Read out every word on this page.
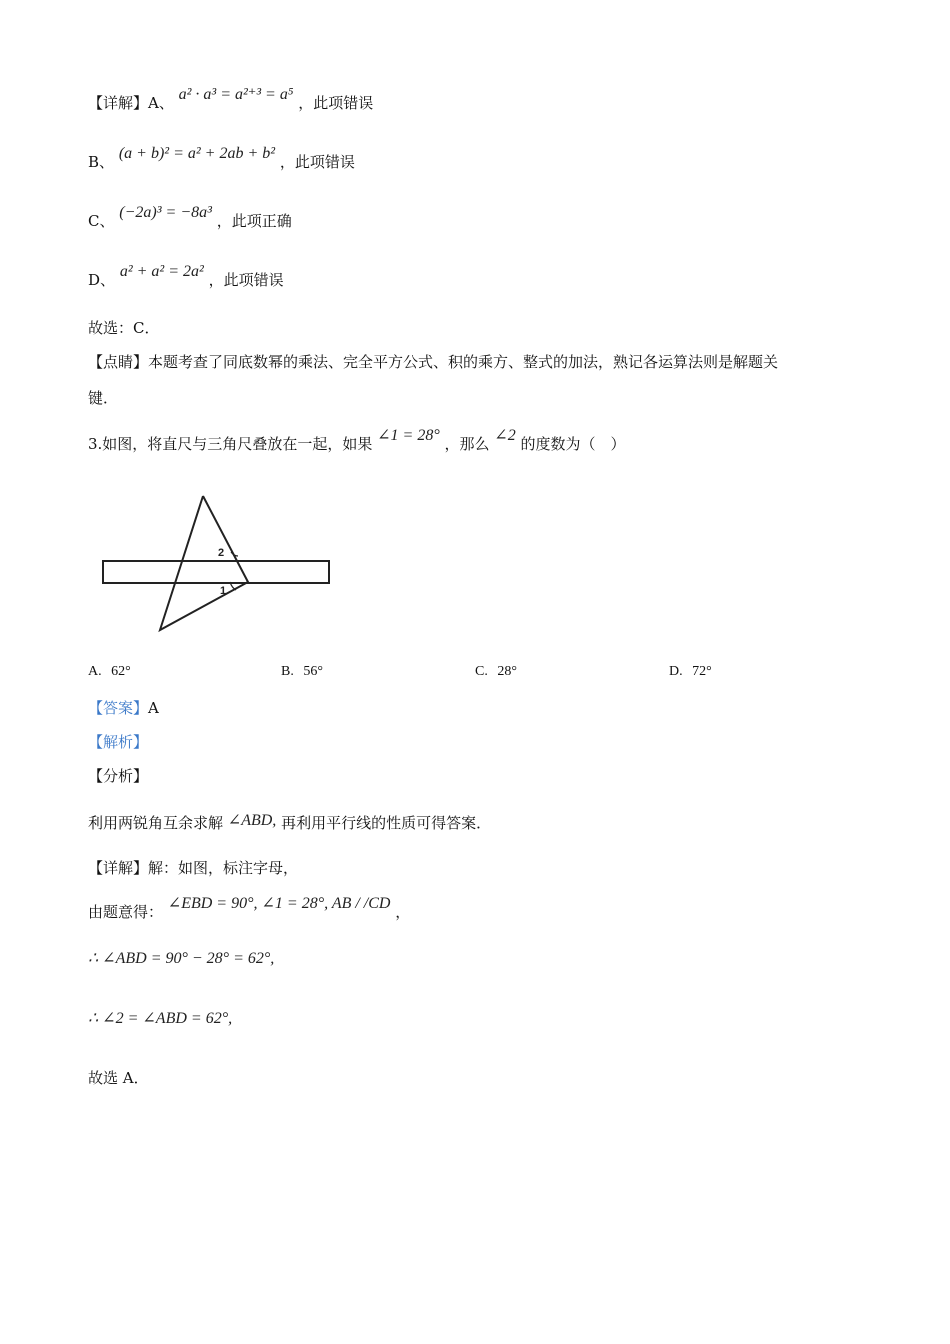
【详解】A、 a² · a³ = a²⁺³ = a⁵ ，此项错误
B、 (a + b)² = a² + 2ab + b² ，此项错误
C、 (−2a)³ = −8a³ ，此项正确
D、 a² + a² = 2a² ，此项错误
故选：C．
【点睛】本题考查了同底数幂的乘法、完全平方公式、积的乘方、整式的加法，熟记各运算法则是解题关
键．
3.如图，将直尺与三角尺叠放在一起，如果 ∠1 = 28° ，那么 ∠2 的度数为（　）
2
1
A. 62°	B. 56°	C. 28°	D. 72°
【答案】A
【解析】
【分析】
利用两锐角互余求解 ∠ABD, 再利用平行线的性质可得答案．
【详解】解：如图，标注字母，
由题意得： ∠EBD = 90°, ∠1 = 28°, AB / /CD ，
∴ ∠ABD = 90° − 28° = 62°,
∴ ∠2 = ∠ABD = 62°,
故选 A．
